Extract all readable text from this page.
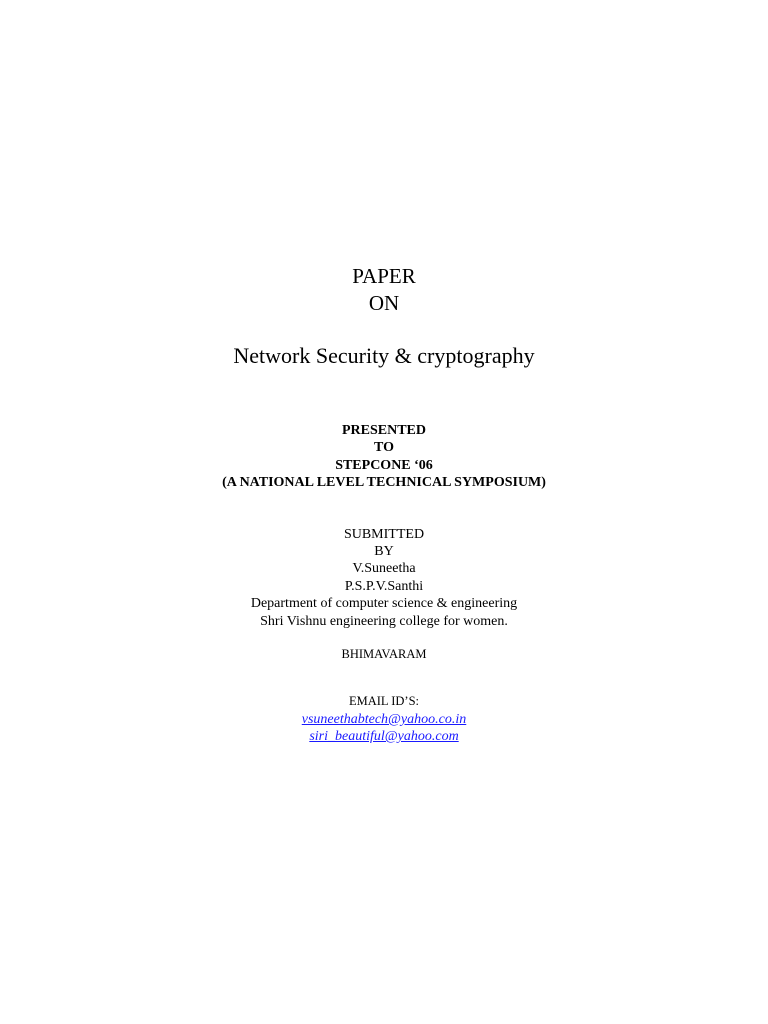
PAPER
ON
Network Security & cryptography
PRESENTED
TO
STEPCONE ‘06
(A NATIONAL LEVEL TECHNICAL SYMPOSIUM)
SUBMITTED
BY
V.Suneetha
P.S.P.V.Santhi
Department of computer science & engineering
Shri Vishnu engineering college for women.
BHIMAVARAM
EMAIL ID’S:
vsuneethabtech@yahoo.co.in
siri_beautiful@yahoo.com
